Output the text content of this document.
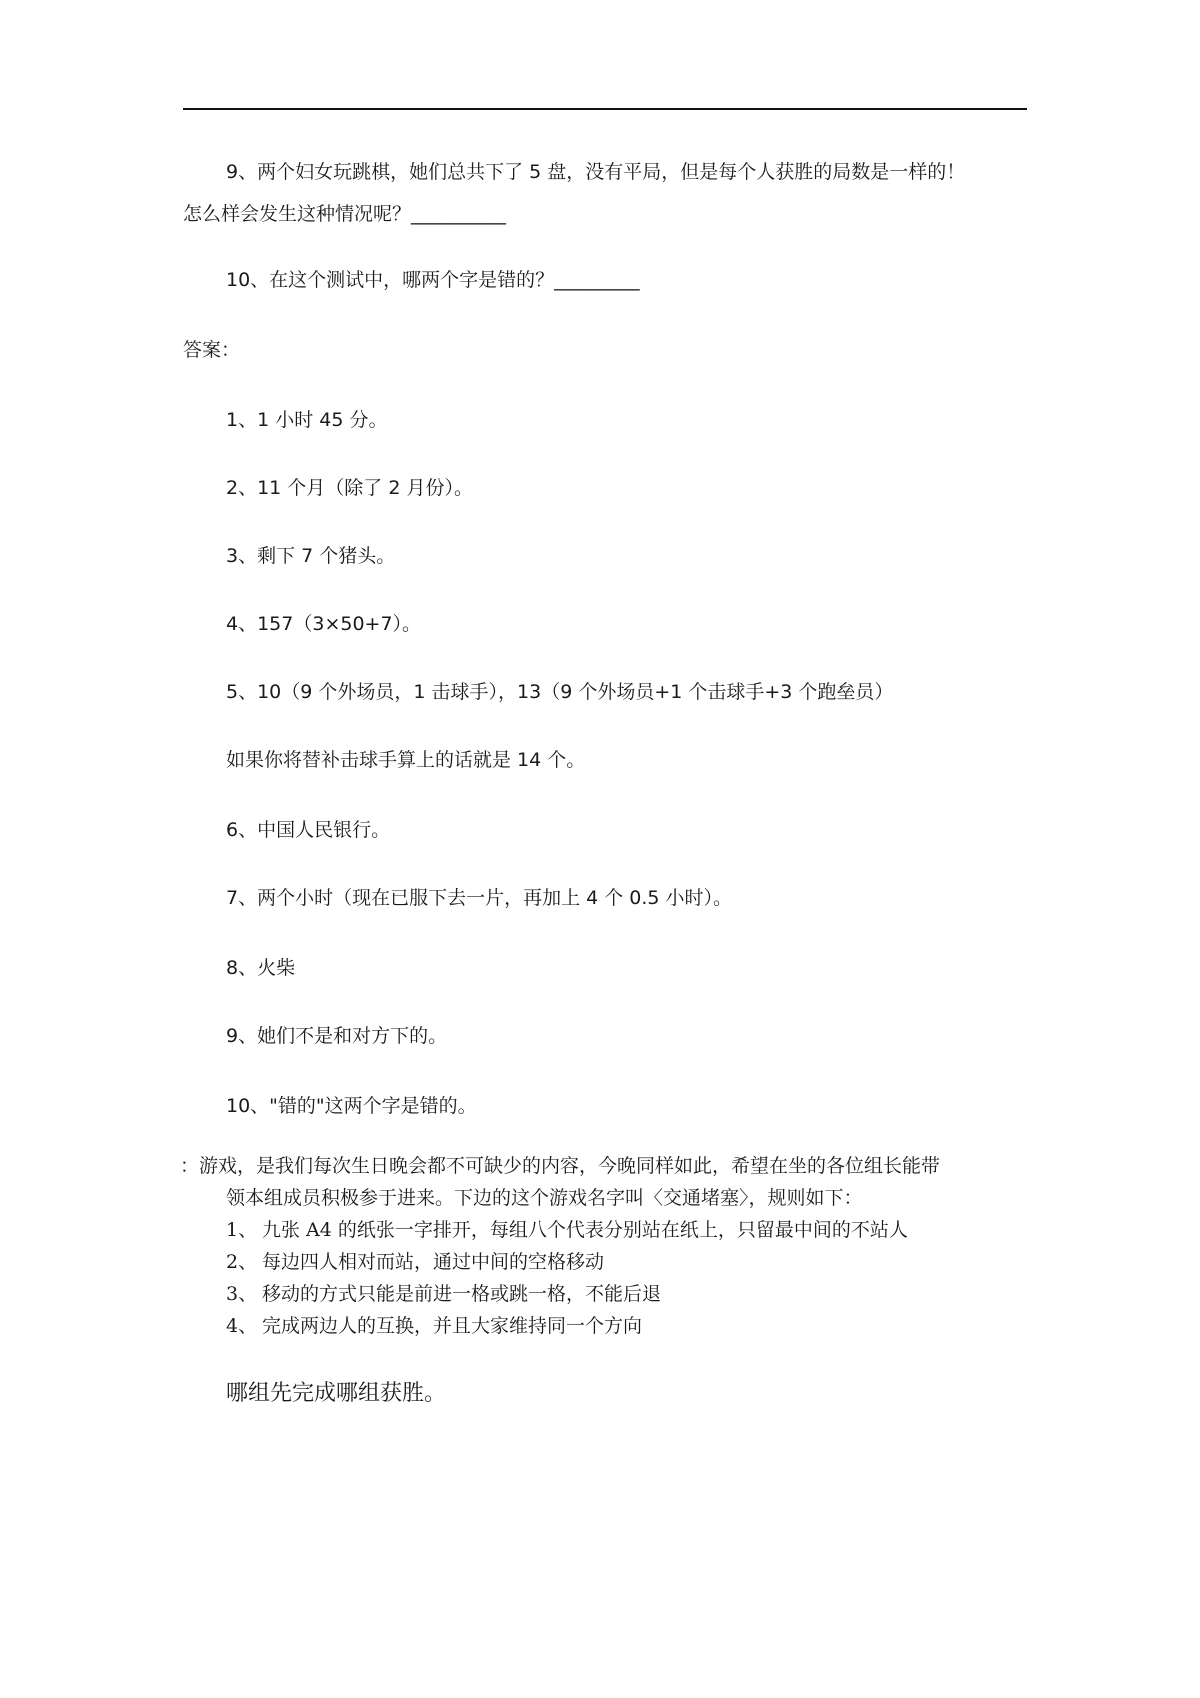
9、两个妇女玩跳棋，她们总共下了 5 盘，没有平局，但是每个人获胜的局数是一样的！
怎么样会发生这种情况呢？__________
10、在这个测试中，哪两个字是错的？_________
答案：
1、1 小时 45 分。
2、11 个月（除了 2 月份）。
3、剩下 7 个猪头。
4、157（3×50+7）。
5、10（9 个外场员，1 击球手），13（9 个外场员+1 个击球手+3 个跑垒员）
如果你将替补击球手算上的话就是 14 个。
6、中国人民银行。
7、两个小时（现在已服下去一片，再加上 4 个 0.5 小时）。
8、火柴
9、她们不是和对方下的。
10、"错的"这两个字是错的。
：游戏，是我们每次生日晚会都不可缺少的内容，今晚同样如此，希望在坐的各位组长能带
领本组成员积极参于进来。下边的这个游戏名字叫〈交通堵塞〉，规则如下：
1、 九张 A4 的纸张一字排开，每组八个代表分别站在纸上，只留最中间的不站人
2、 每边四人相对而站，通过中间的空格移动
3、 移动的方式只能是前进一格或跳一格，不能后退
4、 完成两边人的互换，并且大家维持同一个方向
哪组先完成哪组获胜。
